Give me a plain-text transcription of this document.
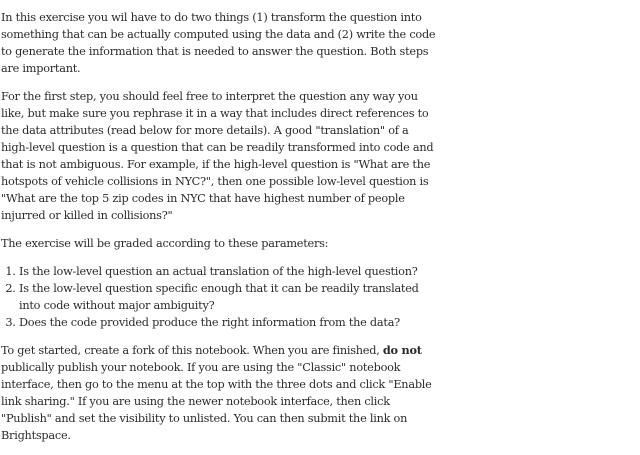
In this exercise you wil have to do two things (1) transform the question into something that can be actually computed using the data and (2) write the code to generate the information that is needed to answer the question. Both steps are important.

For the first step, you should feel free to interpret the question any way you like, but make sure you rephrase it in a way that includes direct references to the data attributes (read below for more details). A good "translation" of a high-level question is a question that can be readily transformed into code and that is not ambiguous. For example, if the high-level question is "What are the hotspots of vehicle collisions in NYC?", then one possible low-level question is "What are the top 5 zip codes in NYC that have highest number of people injurred or killed in collisions?"

The exercise will be graded according to these parameters:

1. Is the low-level question an actual translation of the high-level question?
2. Is the low-level question specific enough that it can be readily translated into code without major ambiguity?
3. Does the code provided produce the right information from the data?

To get started, create a fork of this notebook. When you are finished, do not publically publish your notebook. If you are using the "Classic" notebook interface, then go to the menu at the top with the three dots and click "Enable link sharing." If you are using the newer notebook interface, then click "Publish" and set the visibility to unlisted. You can then submit the link on Brightspace.
